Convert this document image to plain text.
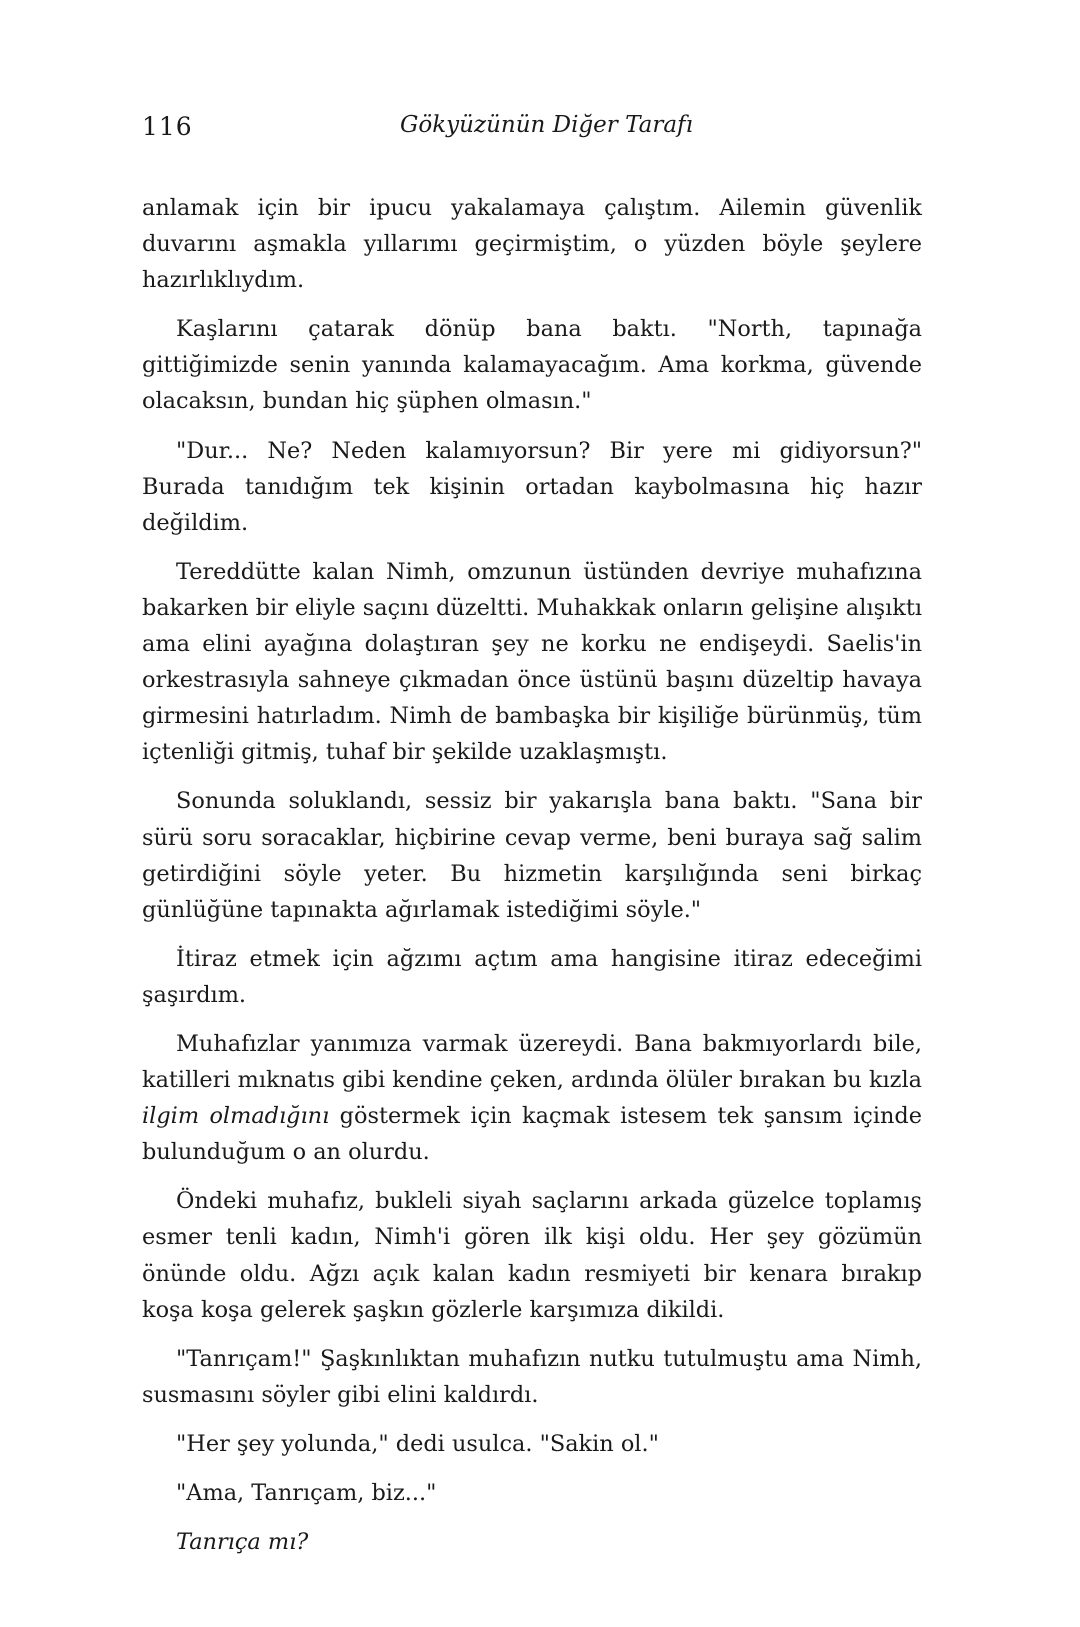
116	Gökyüzünün Diğer Tarafı

anlamak için bir ipucu yakalamaya çalıştım. Ailemin güvenlik duvarını aşmakla yıllarımı geçirmiştim, o yüzden böyle şeylere hazırlıklıydım.

Kaşlarını çatarak dönüp bana baktı. "North, tapınağa gittiğimizde senin yanında kalamayacağım. Ama korkma, güvende olacaksın, bundan hiç şüphen olmasın."

"Dur... Ne? Neden kalamıyorsun? Bir yere mi gidiyorsun?" Burada tanıdığım tek kişinin ortadan kaybolmasına hiç hazır değildim.

Tereddütte kalan Nimh, omzunun üstünden devriye muhafızına bakarken bir eliyle saçını düzeltti. Muhakkak onların gelişine alışıktı ama elini ayağına dolaştıran şey ne korku ne endişeydi. Saelis'in orkestrasıyla sahneye çıkmadan önce üstünü başını düzeltip havaya girmesini hatırladım. Nimh de bambaşka bir kişiliğe bürünmüş, tüm içtenliği gitmiş, tuhaf bir şekilde uzaklaşmıştı.

Sonunda soluklandı, sessiz bir yakarışla bana baktı. "Sana bir sürü soru soracaklar, hiçbirine cevap verme, beni buraya sağ salim getirdiğini söyle yeter. Bu hizmetin karşılığında seni birkaç günlüğüne tapınakta ağırlamak istediğimi söyle."

İtiraz etmek için ağzımı açtım ama hangisine itiraz edeceğimi şaşırdım.

Muhafızlar yanımıza varmak üzereydi. Bana bakmıyorlardı bile, katilleri mıknatıs gibi kendine çeken, ardında ölüler bırakan bu kızla ilgim olmadığını göstermek için kaçmak istesem tek şansım içinde bulunduğum o an olurdu.

Öndeki muhafız, bukleli siyah saçlarını arkada güzelce toplamış esmer tenli kadın, Nimh'i gören ilk kişi oldu. Her şey gözümün önünde oldu. Ağzı açık kalan kadın resmiyeti bir kenara bırakıp koşa koşa gelerek şaşkın gözlerle karşımıza dikildi.

"Tanrıçam!" Şaşkınlıktan muhafızın nutku tutulmuştu ama Nimh, susmasını söyler gibi elini kaldırdı.

"Her şey yolunda," dedi usulca. "Sakin ol."

"Ama, Tanrıçam, biz..."

Tanrıça mı?
